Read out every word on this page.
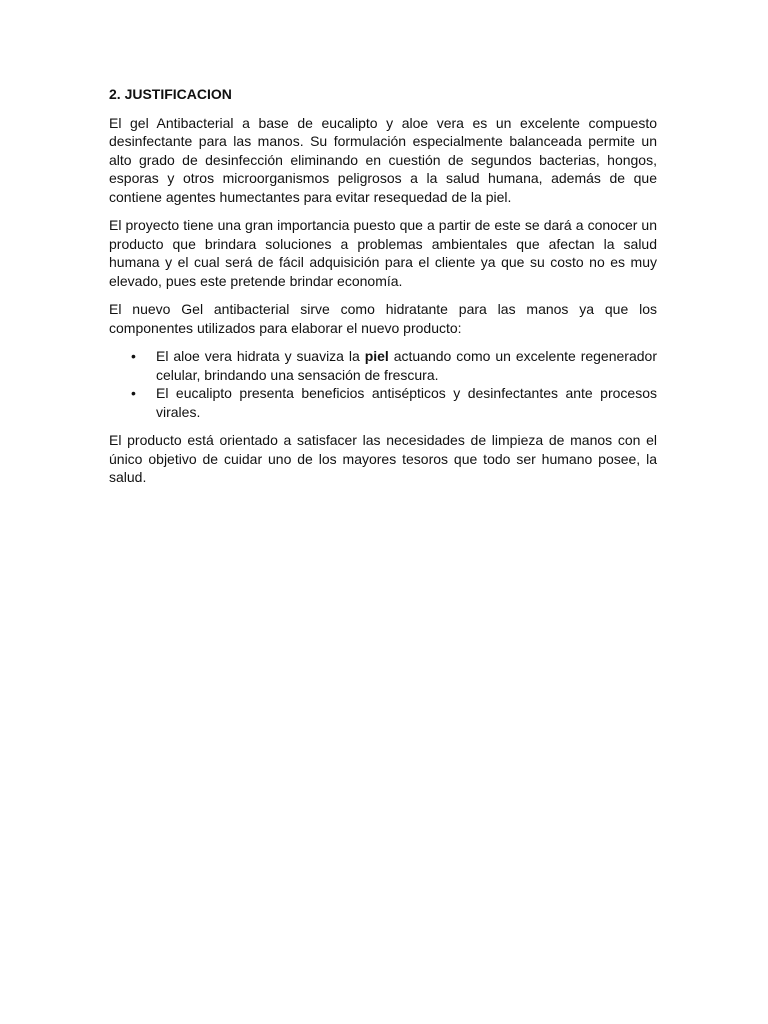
2. JUSTIFICACION

El gel Antibacterial a base de eucalipto y aloe vera es un excelente compuesto desinfectante para las manos. Su formulación especialmente balanceada permite un alto grado de desinfección eliminando en cuestión de segundos bacterias, hongos, esporas y otros microorganismos peligrosos a la salud humana, además de que contiene agentes humectantes para evitar resequedad de la piel.

El proyecto tiene una gran importancia puesto que a partir de este se dará a conocer un producto que brindara soluciones a problemas ambientales que afectan la salud humana y el cual será de fácil adquisición para el cliente ya que su costo no es muy elevado, pues este pretende brindar economía.

El nuevo Gel antibacterial sirve como hidratante para las manos ya que los componentes utilizados para elaborar el nuevo producto:

• El aloe vera hidrata y suaviza la piel actuando como un excelente regenerador celular, brindando una sensación de frescura.
• El eucalipto presenta beneficios antisépticos y desinfectantes ante procesos virales.

El producto está orientado a satisfacer las necesidades de limpieza de manos con el único objetivo de cuidar uno de los mayores tesoros que todo ser humano posee, la salud.
